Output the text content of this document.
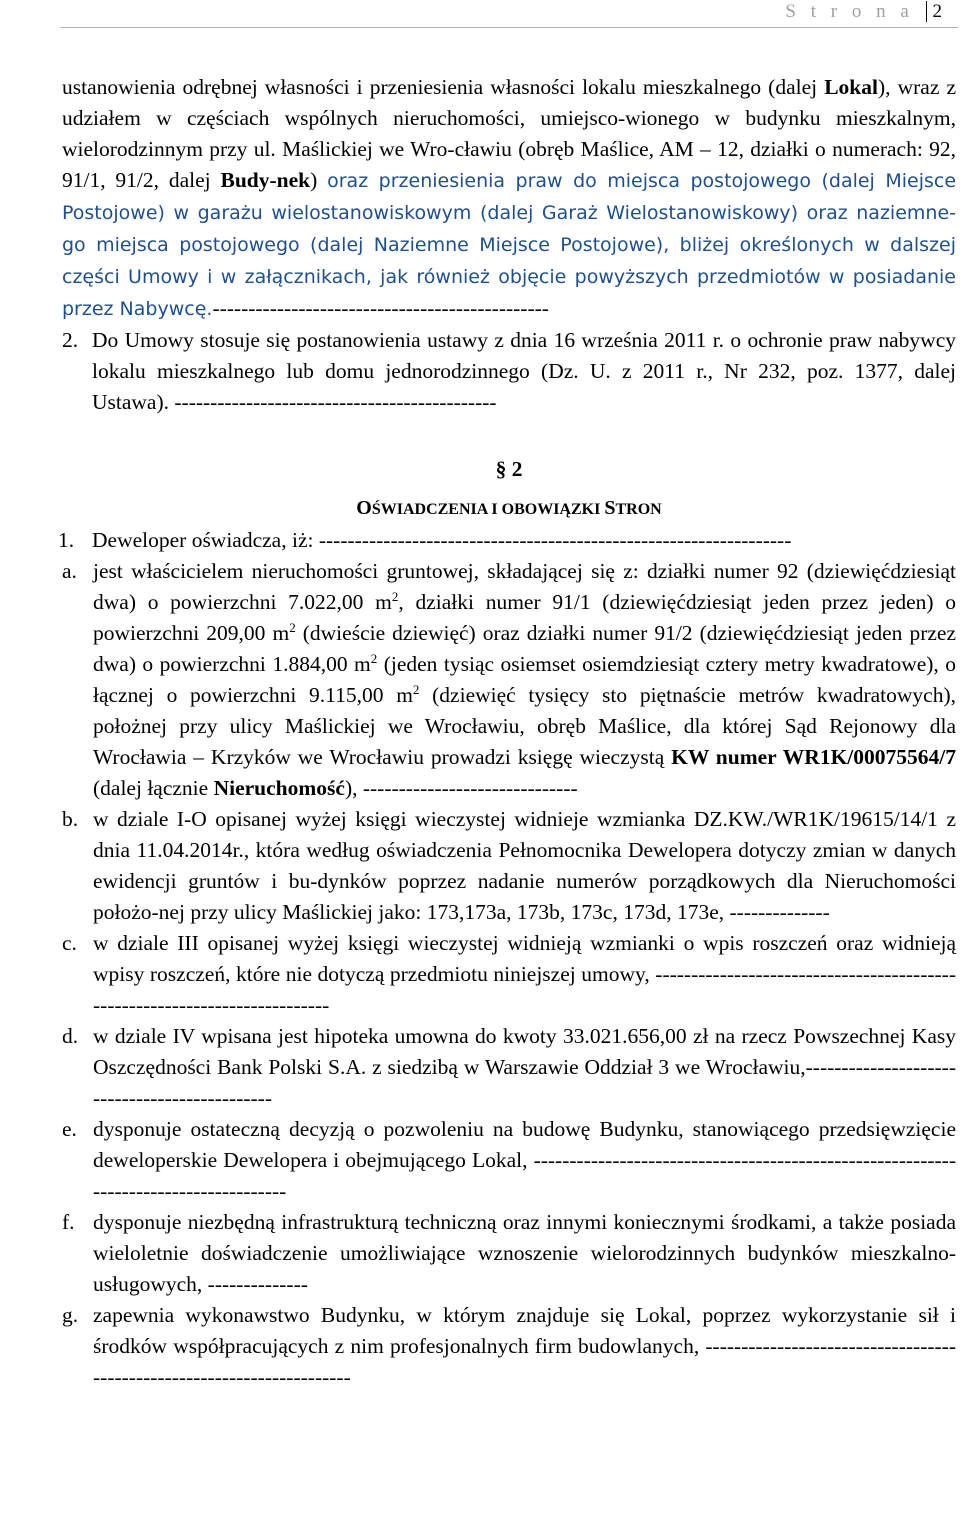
S t r o n a 2

ustanowienia odrębnej własności i przeniesienia własności lokalu mieszkalnego (dalej Lokal), wraz z udziałem w częściach wspólnych nieruchomości, umiejsco-wionego w budynku mieszkalnym, wielorodzinnym przy ul. Maślickiej we Wro-cławiu (obręb Maślice, AM – 12, działki o numerach: 92, 91/1, 91/2, dalej Budy-nek) oraz przeniesienia praw do miejsca postojowego (dalej Miejsce Postojowe) w garażu wielostanowiskowym (dalej Garaż Wielostanowiskowy) oraz naziemne-go miejsca postojowego (dalej Naziemne Miejsce Postojowe), bliżej określonych w dalszej części Umowy i w załącznikach, jak również objęcie powyższych przedmiotów w posiadanie przez Nabywcę.-----------------------------------------------

2. Do Umowy stosuje się postanowienia ustawy z dnia 16 września 2011 r. o ochronie praw nabywcy lokalu mieszkalnego lub domu jednorodzinnego (Dz. U. z 2011 r., Nr 232, poz. 1377, dalej Ustawa). ---------------------------------------------
§ 2
OŚWIADCZENIA I OBOWIĄZKI STRON
1. Deweloper oświadcza, iż: ------------------------------------------------------------------
a. jest właścicielem nieruchomości gruntowej, składającej się z: działki numer 92 (dziewięćdziesiąt dwa) o powierzchni 7.022,00 $m^2$, działki numer 91/1 (dziewięćdziesiąt jeden przez jeden) o powierzchni 209,00 $m^2$ (dwieście dziewięć) oraz działki numer 91/2 (dziewięćdziesiąt jeden przez dwa) o powierzchni 1.884,00 $m^2$ (jeden tysiąc osiemset osiemdziesiąt cztery metry kwadratowe), o łącznej o powierzchni 9.115,00 $m^2$ (dziewięć tysięcy sto piętnaście metrów kwadratowych), położnej przy ulicy Maślickiej we Wrocławiu, obręb Maślice, dla której Sąd Rejonowy dla Wrocławia – Krzyków we Wrocławiu prowadzi księgę wieczystą KW numer WR1K/00075564/7 (dalej łącznie Nieruchomość), ------------------------------
b. w dziale I-O opisanej wyżej księgi wieczystej widnieje wzmianka DZ.KW./WR1K/19615/14/1 z dnia 11.04.2014r., która według oświadczenia Pełnomocnika Dewelopera dotyczy zmian w danych ewidencji gruntów i bu-dynków poprzez nadanie numerów porządkowych dla Nieruchomości położo-nej przy ulicy Maślickiej jako: 173,173a, 173b, 173c, 173d, 173e, --------------
c. w dziale III opisanej wyżej księgi wieczystej widnieją wzmianki o wpis roszczeń oraz widnieją wpisy roszczeń, które nie dotyczą przedmiotu niniejszej umowy, ---------------------------------------------------------------------------
d. w dziale IV wpisana jest hipoteka umowna do kwoty 33.021.656,00 zł na rzecz Powszechnej Kasy Oszczędności Bank Polski S.A. z siedzibą w Warszawie Oddział 3 we Wrocławiu,----------------------------------------------
e. dysponuje ostateczną decyzją o pozwoleniu na budowę Budynku, stanowiącego przedsięwzięcie deweloperskie Dewelopera i obejmującego Lokal, --------------------------------------------------------------------------------------
f. dysponuje niezbędną infrastrukturą techniczną oraz innymi koniecznymi środkami, a także posiada wieloletnie doświadczenie umożliwiające wznoszenie wielorodzinnych budynków mieszkalno-usługowych, --------------
g. zapewnia wykonawstwo Budynku, w którym znajduje się Lokal, poprzez wykorzystanie sił i środków współpracujących z nim profesjonalnych firm budowlanych, -----------------------------------------------------------------------
